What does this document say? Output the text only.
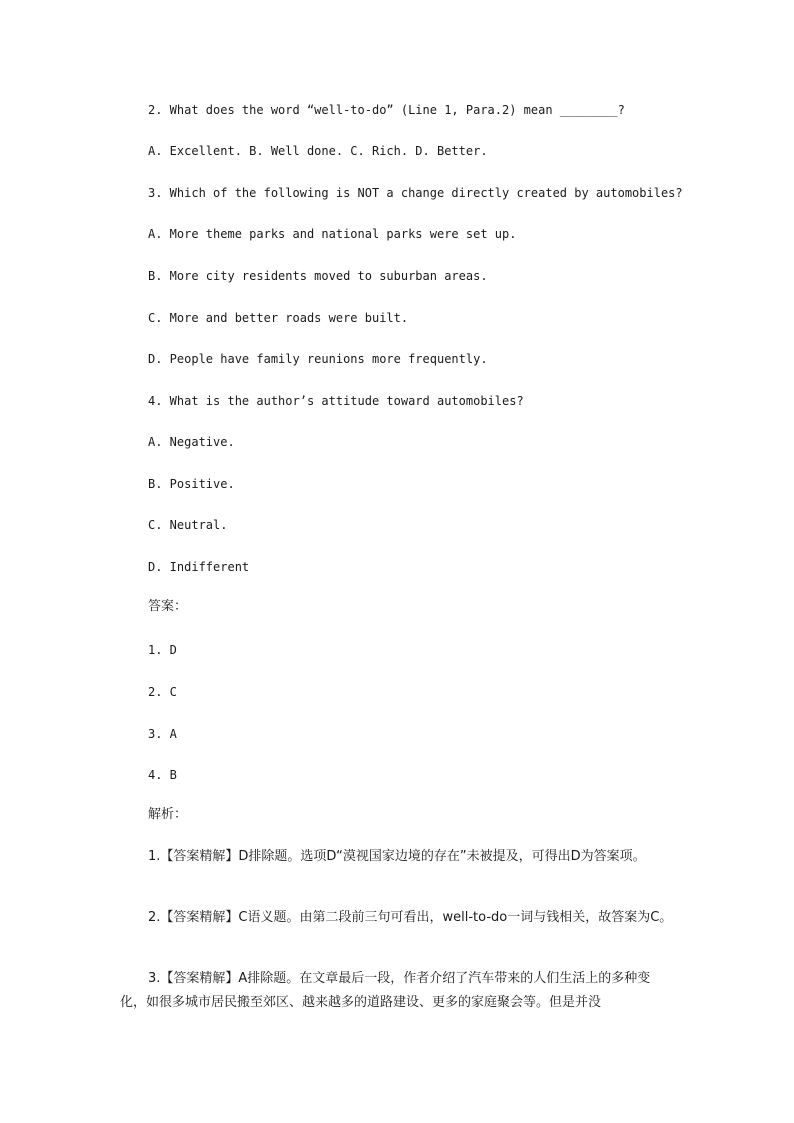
2. What does the word “well-to-do” (Line 1, Para.2) mean ________?
A. Excellent. B. Well done. C. Rich. D. Better.
3. Which of the following is NOT a change directly created by automobiles?
A. More theme parks and national parks were set up.
B. More city residents moved to suburban areas.
C. More and better roads were built.
D. People have family reunions more frequently.
4. What is the author’s attitude toward automobiles?
A. Negative.
B. Positive.
C. Neutral.
D. Indifferent
答案：
1. D
2. C
3. A
4. B
解析：
1.【答案精解】D排除题。选项D“漠视国家边境的存在”未被提及，可得出D为答案项。
2.【答案精解】C语义题。由第二段前三句可看出，well-to-do一词与钱相关，故答案为C。
3.【答案精解】A排除题。在文章最后一段，作者介绍了汽车带来的人们生活上的多种变化，如很多城市居民搬至郊区、越来越多的道路建设、更多的家庭聚会等。但是并没
